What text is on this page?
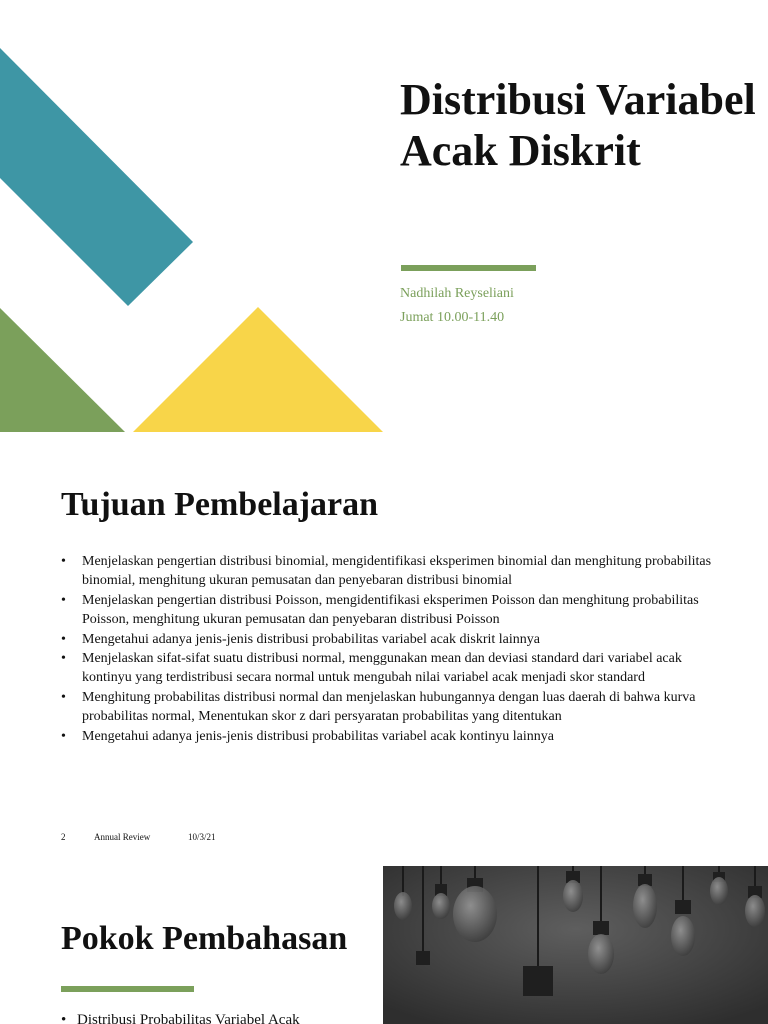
Distribusi Variabel Acak Diskrit

Nadhilah Reyseliani

Jumat 10.00-11.40

Tujuan Pembelajaran
• Menjelaskan pengertian distribusi binomial, mengidentifikasi eksperimen binomial dan menghitung probabilitas binomial, menghitung ukuran pemusatan dan penyebaran distribusi binomial
• Menjelaskan pengertian distribusi Poisson, mengidentifikasi eksperimen Poisson dan menghitung probabilitas Poisson, menghitung ukuran pemusatan dan penyebaran distribusi Poisson
• Mengetahui adanya jenis-jenis distribusi probabilitas variabel acak diskrit lainnya
• Menjelaskan sifat-sifat suatu distribusi normal, menggunakan mean dan deviasi standard dari variabel acak kontinyu yang terdistribusi secara normal untuk mengubah nilai variabel acak menjadi skor standard
• Menghitung probabilitas distribusi normal dan menjelaskan hubungannya dengan luas daerah di bahwa kurva probabilitas normal, Menentukan skor z dari persyaratan probabilitas yang ditentukan
• Mengetahui adanya jenis-jenis distribusi probabilitas variabel acak kontinyu lainnya

2	Annual Review	10/3/21

Pokok Pembahasan
• Distribusi Probabilitas Variabel Acak
